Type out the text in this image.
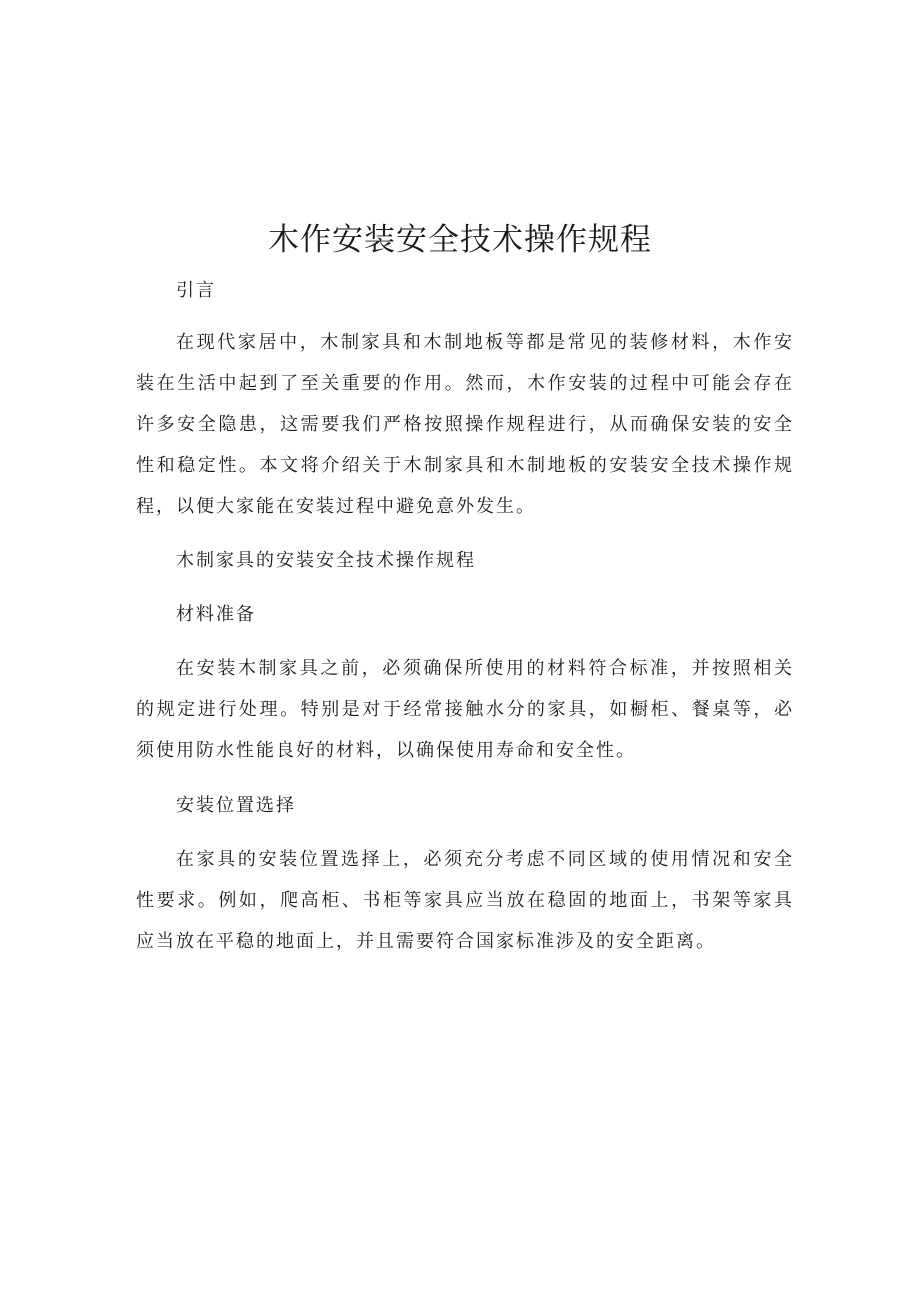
木作安装安全技术操作规程

引言

在现代家居中，木制家具和木制地板等都是常见的装修材料，木作安装在生活中起到了至关重要的作用。然而，木作安装的过程中可能会存在许多安全隐患，这需要我们严格按照操作规程进行，从而确保安装的安全性和稳定性。本文将介绍关于木制家具和木制地板的安装安全技术操作规程，以便大家能在安装过程中避免意外发生。

木制家具的安装安全技术操作规程

材料准备

在安装木制家具之前，必须确保所使用的材料符合标准，并按照相关的规定进行处理。特别是对于经常接触水分的家具，如橱柜、餐桌等，必须使用防水性能良好的材料，以确保使用寿命和安全性。

安装位置选择

在家具的安装位置选择上，必须充分考虑不同区域的使用情况和安全性要求。例如，爬高柜、书柜等家具应当放在稳固的地面上，书架等家具应当放在平稳的地面上，并且需要符合国家标准涉及的安全距离。
